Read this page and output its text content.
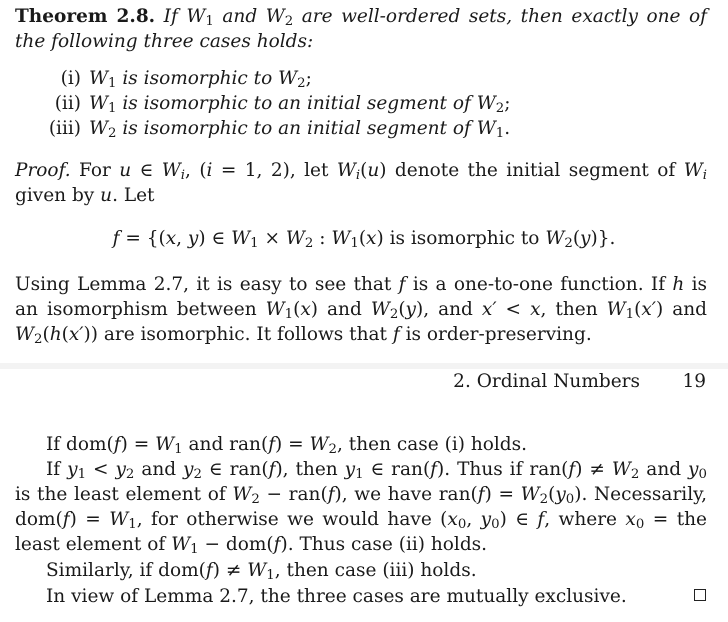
Theorem 2.8. If $W_1$ and $W_2$ are well-ordered sets, then exactly one of the following three cases holds:
(i) $W_1$ is isomorphic to $W_2$;
(ii) $W_1$ is isomorphic to an initial segment of $W_2$;
(iii) $W_2$ is isomorphic to an initial segment of $W_1$.
Proof. For u ∈ $W_i$, (i = 1, 2), let $W_i(u)$ denote the initial segment of $W_i$ given by u. Let
f = {(x, y) ∈ $W_1 \times W_2$ : $W_1(x)$ is isomorphic to $W_2(y)$}.
Using Lemma 2.7, it is easy to see that f is a one-to-one function. If h is an isomorphism between $W_1(x)$ and $W_2(y)$, and x′ < x, then $W_1(x')$ and $W_2(h(x'))$ are isomorphic. It follows that f is order-preserving.
2. Ordinal Numbers 19
If $dom(f) = W_1$ and $ran(f) = W_2$, then case (i) holds.
If $y_1 < y_2$ and $y_2$ ∈ ran(f), then $y_1$ ∈ ran(f). Thus if $ran(f) \ne W_2$ and $y_0$ is the least element of $W_2 - ran(f)$, we have $ran(f) = W_2(y_0)$. Necessarily, $dom(f) = W_1$, for otherwise we would have ($x_0$, $y_0$) ∈ f, where $x_0$ = the least element of $W_1 - dom(f)$. Thus case (ii) holds.
Similarly, if $dom(f) \ne W_1$, then case (iii) holds.
In view of Lemma 2.7, the three cases are mutually exclusive.
